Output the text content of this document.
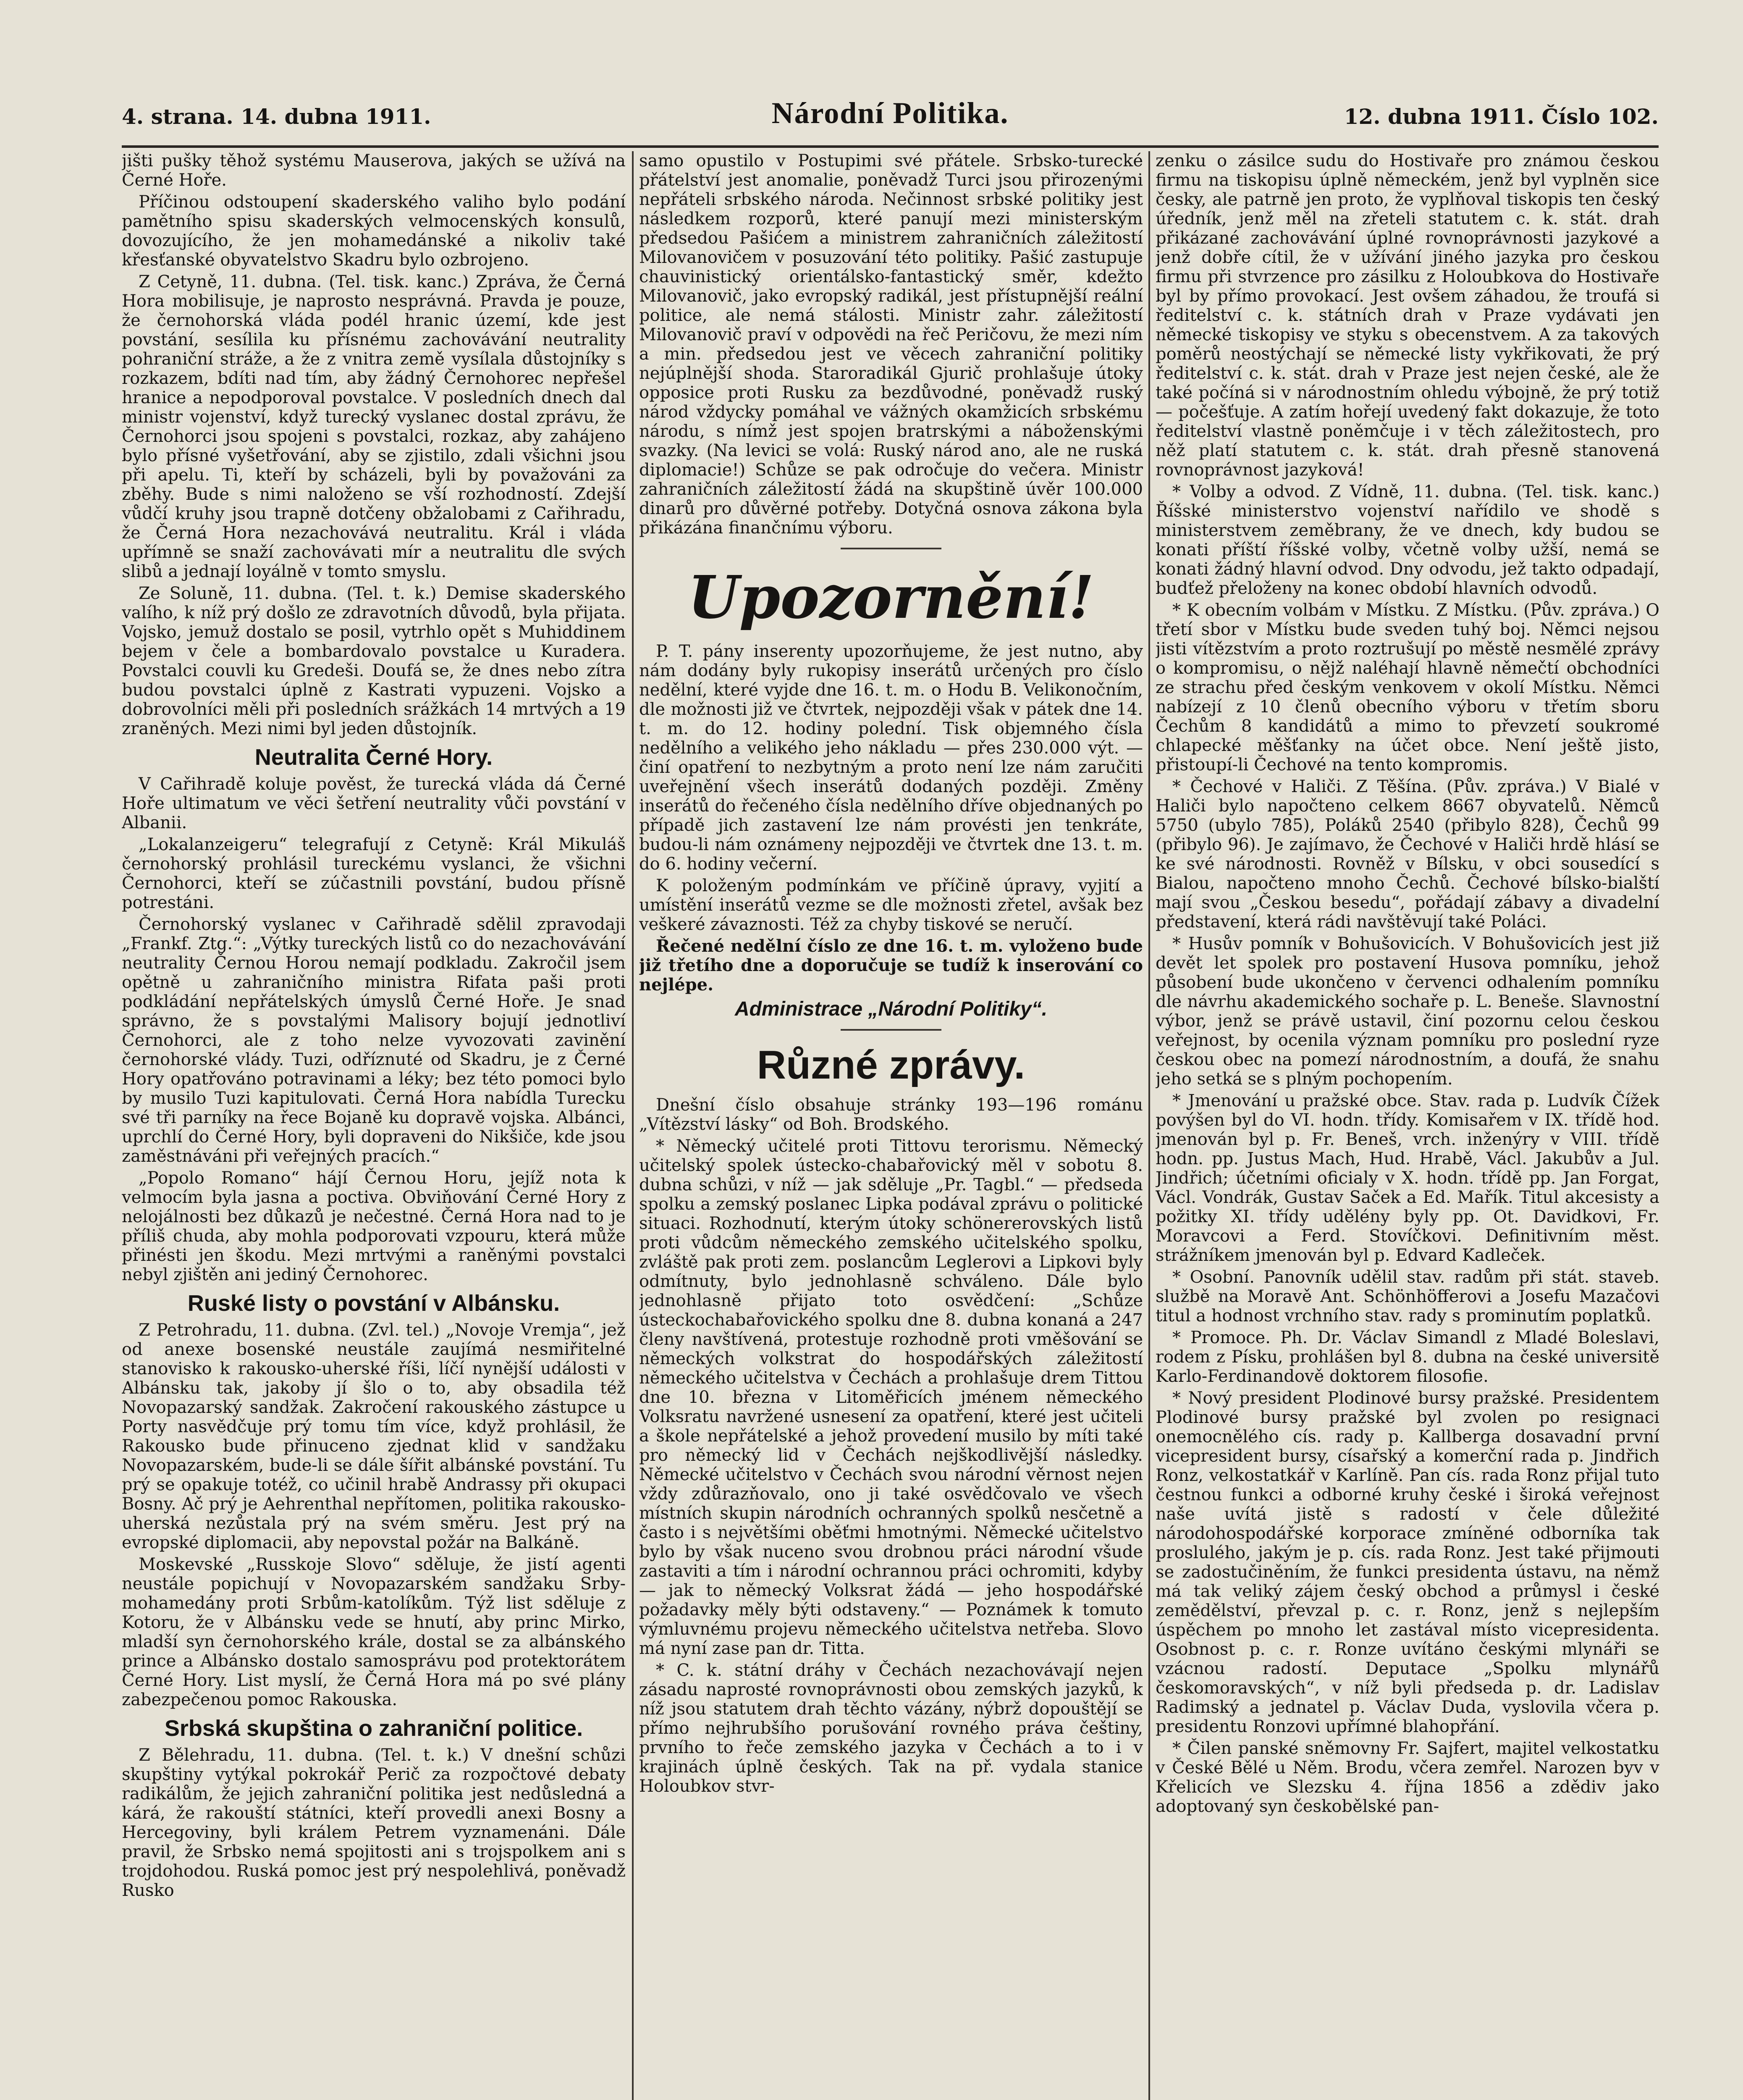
4. strana. 14. dubna 1911.	Národní Politika.	12. dubna 1911. Číslo 102.

jišti pušky těhož systému Mauserova, jakých se užívá na Černé Hoře.

Příčinou odstoupení skaderského valiho bylo podání pamětního spisu skaderských velmocenských konsulů, dovozujícího, že jen mohamedánské a nikoliv také křesťanské obyvatelstvo Skadru bylo ozbrojeno.

Z Cetyně, 11. dubna. (Tel. tisk. kanc.) Zpráva, že Černá Hora mobilisuje, je naprosto nesprávná. Pravda je pouze, že černohorská vláda podél hranic území, kde jest povstání, sesílila ku přísnému zachovávání neutrality pohraniční stráže, a že z vnitra země vysílala důstojníky s rozkazem, bdíti nad tím, aby žádný Černohorec nepřešel hranice a nepodporoval povstalce. V posledních dnech dal ministr vojenství, když turecký vyslanec dostal zprávu, že Černohorci jsou spojeni s povstalci, rozkaz, aby zahájeno bylo přísné vyšetřování, aby se zjistilo, zdali všichni jsou při apelu. Ti, kteří by scházeli, byli by považováni za zběhy. Bude s nimi naloženo se vší rozhodností. Zdejší vůdčí kruhy jsou trapně dotčeny obžalobami z Cařihradu, že Černá Hora nezachovává neutralitu. Král i vláda upřímně se snaží zachovávati mír a neutralitu dle svých slibů a jednají loyálně v tomto smyslu.

Ze Soluně, 11. dubna. (Tel. t. k.) Demise skaderského valího, k níž prý došlo ze zdravotních důvodů, byla přijata. Vojsko, jemuž dostalo se posil, vytrhlo opět s Muhiddinem bejem v čele a bombardovalo povstalce u Kuradera. Povstalci couvli ku Gredeši. Doufá se, že dnes nebo zítra budou povstalci úplně z Kastrati vypuzeni. Vojsko a dobrovolníci měli při posledních srážkách 14 mrtvých a 19 zraněných. Mezi nimi byl jeden důstojník.

Neutralita Černé Hory.

V Cařihradě koluje pověst, že turecká vláda dá Černé Hoře ultimatum ve věci šetření neutrality vůči povstání v Albanii.

„Lokalanzeigeru“ telegrafují z Cetyně: Král Mikuláš černohorský prohlásil tureckému vyslanci, že všichni Černohorci, kteří se zúčastnili povstání, budou přísně potrestáni.

Černohorský vyslanec v Cařihradě sdělil zpravodaji „Frankf. Ztg.“: „Výtky tureckých listů co do nezachovávání neutrality Černou Horou nemají podkladu. Zakročil jsem opětně u zahraničního ministra Rifata paši proti podkládání nepřátelských úmyslů Černé Hoře. Je snad správno, že s povstalými Malisory bojují jednotliví Černohorci, ale z toho nelze vyvozovati zavinění černohorské vlády. Tuzi, odříznuté od Skadru, je z Černé Hory opatřováno potravinami a léky; bez této pomoci bylo by musilo Tuzi kapitulovati. Černá Hora nabídla Turecku své tři parníky na řece Bojaně ku dopravě vojska. Albánci, uprchlí do Černé Hory, byli dopraveni do Nikšiče, kde jsou zaměstnáváni při veřejných pracích.“

„Popolo Romano“ hájí Černou Horu, jejíž nota k velmocím byla jasna a poctiva. Obviňování Černé Hory z nelojálnosti bez důkazů je nečestné. Černá Hora nad to je příliš chuda, aby mohla podporovati vzpouru, která může přinésti jen škodu. Mezi mrtvými a raněnými povstalci nebyl zjištěn ani jediný Černohorec.

Ruské listy o povstání v Albánsku.

Z Petrohradu, 11. dubna. (Zvl. tel.) „Novoje Vremja“, jež od anexe bosenské neustále zaujímá nesmiřitelné stanovisko k rakousko-uherské říši, líčí nynější události v Albánsku tak, jakoby jí šlo o to, aby obsadila též Novopazarský sandžak. Zakročení rakouského zástupce u Porty nasvědčuje prý tomu tím více, když prohlásil, že Rakousko bude přinuceno zjednat klid v sandžaku Novopazarském, bude-li se dále šířit albánské povstání. Tu prý se opakuje totéž, co učinil hrabě Andrassy při okupaci Bosny. Ač prý je Aehrenthal nepřítomen, politika rakousko-uherská nezůstala prý na svém směru. Jest prý na evropské diplomacii, aby nepovstal požár na Balkáně.

Moskevské „Russkoje Slovo“ sděluje, že jistí agenti neustále popichují v Novopazarském sandžaku Srby-mohamedány proti Srbům-katolíkům. Týž list sděluje z Kotoru, že v Albánsku vede se hnutí, aby princ Mirko, mladší syn černohorského krále, dostal se za albánského prince a Albánsko dostalo samosprávu pod protektorátem Černé Hory. List myslí, že Černá Hora má po své plány zabezpečenou pomoc Rakouska.

Srbská skupština o zahraniční politice.

Z Bělehradu, 11. dubna. (Tel. t. k.) V dnešní schůzi skupštiny vytýkal pokrokář Perič za rozpočtové debaty radikálům, že jejich zahraniční politika jest nedůsledná a kárá, že rakouští státníci, kteří provedli anexi Bosny a Hercegoviny, byli králem Petrem vyznamenáni. Dále pravil, že Srbsko nemá spojitosti ani s trojspolkem ani s trojdohodou. Ruská pomoc jest prý nespolehlivá, poněvadž Rusko

samo opustilo v Postupimi své přátele. Srbsko-turecké přátelství jest anomalie, poněvadž Turci jsou přirozenými nepřáteli srbského národa. Nečinnost srbské politiky jest následkem rozporů, které panují mezi ministerským předsedou Pašićem a ministrem zahraničních záležitostí Milovanovičem v posuzování této politiky. Pašić zastupuje chauvinistický orientálsko-fantastický směr, kdežto Milovanovič, jako evropský radikál, jest přístupnější reální politice, ale nemá stálosti. Ministr zahr. záležitostí Milovanovič praví v odpovědi na řeč Peričovu, že mezi ním a min. předsedou jest ve věcech zahraniční politiky nejúplnější shoda. Staroradikál Gjurič prohlašuje útoky opposice proti Rusku za bezdůvodné, poněvadž ruský národ vždycky pomáhal ve vážných okamžicích srbskému národu, s nímž jest spojen bratrskými a náboženskými svazky. (Na levici se volá: Ruský národ ano, ale ne ruská diplomacie!) Schůze se pak odročuje do večera. Ministr zahraničních záležitostí žádá na skupštině úvěr 100.000 dinarů pro důvěrné potřeby. Dotyčná osnova zákona byla přikázána finančnímu výboru.

Upozornění!

P. T. pány inserenty upozorňujeme, že jest nutno, aby nám dodány byly rukopisy inserátů určených pro číslo nedělní, které vyjde dne 16. t. m. o Hodu B. Velikonočním, dle možnosti již ve čtvrtek, nejpozději však v pátek dne 14. t. m. do 12. hodiny polední. Tisk objemného čísla nedělního a velikého jeho nákladu — přes 230.000 výt. — činí opatření to nezbytným a proto není lze nám zaručiti uveřejnění všech inserátů dodaných později. Změny inserátů do řečeného čísla nedělního dříve objednaných po případě jich zastavení lze nám provésti jen tenkráte, budou-li nám oznámeny nejpozději ve čtvrtek dne 13. t. m. do 6. hodiny večerní.

K položeným podmínkám ve příčině úpravy, vyjití a umístění inserátů vezme se dle možnosti zřetel, avšak bez veškeré závaznosti. Též za chyby tiskové se neručí.

Řečené nedělní číslo ze dne 16. t. m. vyloženo bude již třetího dne a doporučuje se tudíž k inserování co nejlépe.

Administrace „Národní Politiky“.
Různé zprávy.

Dnešní číslo obsahuje stránky 193—196 románu „Vítězství lásky“ od Boh. Brodského.

* Německý učitelé proti Tittovu terorismu. Německý učitelský spolek ústecko-chabařovický měl v sobotu 8. dubna schůzi, v níž — jak sděluje „Pr. Tagbl.“ — předseda spolku a zemský poslanec Lipka podával zprávu o politické situaci. Rozhodnutí, kterým útoky schönererovských listů proti vůdcům německého zemského učitelského spolku, zvláště pak proti zem. poslancům Leglerovi a Lipkovi byly odmítnuty, bylo jednohlasně schváleno. Dále bylo jednohlasně přijato toto osvědčení: „Schůze ústeckochabařovického spolku dne 8. dubna konaná a 247 členy navštívená, protestuje rozhodně proti vměšování se německých volkstrat do hospodářských záležitostí německého učitelstva v Čechách a prohlašuje drem Tittou dne 10. března v Litoměřicích jménem německého Volksratu navržené usnesení za opatření, které jest učiteli a škole nepřátelské a jehož provedení musilo by míti také pro německý lid v Čechách nejškodlivější následky. Německé učitelstvo v Čechách svou národní věrnost nejen vždy zdůrazňovalo, ono ji také osvědčovalo ve všech místních skupin národních ochranných spolků nesčetně a často i s největšími oběťmi hmotnými. Německé učitelstvo bylo by však nuceno svou drobnou práci národní všude zastaviti a tím i národní ochrannou práci ochromiti, kdyby — jak to německý Volksrat žádá — jeho hospodářské požadavky měly býti odstaveny.“ — Poznámek k tomuto výmluvnému projevu německého učitelstva netřeba. Slovo má nyní zase pan dr. Titta.

* C. k. státní dráhy v Čechách nezachovávají nejen zásadu naprosté rovnoprávnosti obou zemských jazyků, k níž jsou statutem drah těchto vázány, nýbrž dopouštějí se přímo nejhrubšího porušování rovného práva češtiny, prvního to řeče zemského jazyka v Čechách a to i v krajinách úplně českých. Tak na př. vydala stanice Holoubkov stvr-

zenku o zásilce sudu do Hostivaře pro známou českou firmu na tiskopisu úplně německém, jenž byl vyplněn sice česky, ale patrně jen proto, že vyplňoval tiskopis ten český úředník, jenž měl na zřeteli statutem c. k. stát. drah přikázané zachovávání úplné rovnoprávnosti jazykové a jenž dobře cítil, že v užívání jiného jazyka pro českou firmu při stvrzence pro zásilku z Holoubkova do Hostivaře byl by přímo provokací. Jest ovšem záhadou, že troufá si ředitelství c. k. státních drah v Praze vydávati jen německé tiskopisy ve styku s obecenstvem. A za takových poměrů neostýchají se německé listy vykřikovati, že prý ředitelství c. k. stát. drah v Praze jest nejen české, ale že také počíná si v národnostním ohledu výbojně, že prý totiž — počešťuje. A zatím hořejí uvedený fakt dokazuje, že toto ředitelství vlastně poněmčuje i v těch záležitostech, pro něž platí statutem c. k. stát. drah přesně stanovená rovnoprávnost jazyková!

* Volby a odvod. Z Vídně, 11. dubna. (Tel. tisk. kanc.) Říšské ministerstvo vojenství nařídilo ve shodě s ministerstvem zeměbrany, že ve dnech, kdy budou se konati příští říšské volby, včetně volby užší, nemá se konati žádný hlavní odvod. Dny odvodu, jež takto odpadají, budťež přeloženy na konec období hlavních odvodů.

* K obecním volbám v Místku. Z Místku. (Pův. zpráva.) O třetí sbor v Místku bude sveden tuhý boj. Němci nejsou jisti vítězstvím a proto roztrušují po městě nesmělé zprávy o kompromisu, o nějž naléhají hlavně němečtí obchodníci ze strachu před českým venkovem v okolí Místku. Němci nabízejí z 10 členů obecního výboru v třetím sboru Čechům 8 kandidátů a mimo to převzetí soukromé chlapecké měšťanky na účet obce. Není ještě jisto, přistoupí-li Čechové na tento kompromis.

* Čechové v Haliči. Z Těšína. (Pův. zpráva.) V Bialé v Haliči bylo napočteno celkem 8667 obyvatelů. Němců 5750 (ubylo 785), Poláků 2540 (přibylo 828), Čechů 99 (přibylo 96). Je zajímavo, že Čechové v Haliči hrdě hlásí se ke své národnosti. Rovněž v Bílsku, v obci sousedící s Bialou, napočteno mnoho Čechů. Čechové bílsko-bialští mají svou „Českou besedu“, pořádají zábavy a divadelní představení, která rádi navštěvují také Poláci.

* Husův pomník v Bohušovicích. V Bohušovicích jest již devět let spolek pro postavení Husova pomníku, jehož působení bude ukončeno v červenci odhalením pomníku dle návrhu akademického sochaře p. L. Beneše. Slavnostní výbor, jenž se právě ustavil, činí pozornu celou českou veřejnost, by ocenila význam pomníku pro poslední ryze českou obec na pomezí národnostním, a doufá, že snahu jeho setká se s plným pochopením.

* Jmenování u pražské obce. Stav. rada p. Ludvík Čížek povýšen byl do VI. hodn. třídy. Komisařem v IX. třídě hod. jmenován byl p. Fr. Beneš, vrch. inženýry v VIII. třídě hodn. pp. Justus Mach, Hud. Hrabě, Václ. Jakubův a Jul. Jindřich; účetními oficialy v X. hodn. třídě pp. Jan Forgat, Václ. Vondrák, Gustav Saček a Ed. Mařík. Titul akcesisty a požitky XI. třídy udělény byly pp. Ot. Davidkovi, Fr. Moravcovi a Ferd. Stovíčkovi. Definitivním měst. strážníkem jmenován byl p. Edvard Kadleček.

* Osobní. Panovník udělil stav. radům při stát. staveb. službě na Moravě Ant. Schönhöfferovi a Josefu Mazačovi titul a hodnost vrchního stav. rady s prominutím poplatků.

* Promoce. Ph. Dr. Václav Simandl z Mladé Boleslavi, rodem z Písku, prohlášen byl 8. dubna na české universitě Karlo-Ferdinandově doktorem filosofie.

* Nový president Plodinové bursy pražské. Presidentem Plodinové bursy pražské byl zvolen po resignaci onemocnělého cís. rady p. Kallberga dosavadní první vicepresident bursy, císařský a komerční rada p. Jindřich Ronz, velkostatkář v Karlíně. Pan cís. rada Ronz přijal tuto čestnou funkci a odborné kruhy české i široká veřejnost naše uvítá jistě s radostí v čele důležité národohospodářské korporace zmíněné odborníka tak proslulého, jakým je p. cís. rada Ronz. Jest také přijmouti se zadostučiněním, že funkci presidenta ústavu, na němž má tak veliký zájem český obchod a průmysl i české zemědělství, převzal p. c. r. Ronz, jenž s nejlepším úspěchem po mnoho let zastával místo vicepresidenta. Osobnost p. c. r. Ronze uvítáno českými mlynáři se vzácnou radostí. Deputace „Spolku mlynářů českomoravských“, v níž byli předseda p. dr. Ladislav Radimský a jednatel p. Václav Duda, vyslovila včera p. presidentu Ronzovi upřímné blahopřání.

* Čilen panské sněmovny Fr. Sajfert, majitel velkostatku v České Bělé u Něm. Brodu, včera zemřel. Narozen byv v Křelicích ve Slezsku 4. října 1856 a zdědiv jako adoptovaný syn českobělské pan-
